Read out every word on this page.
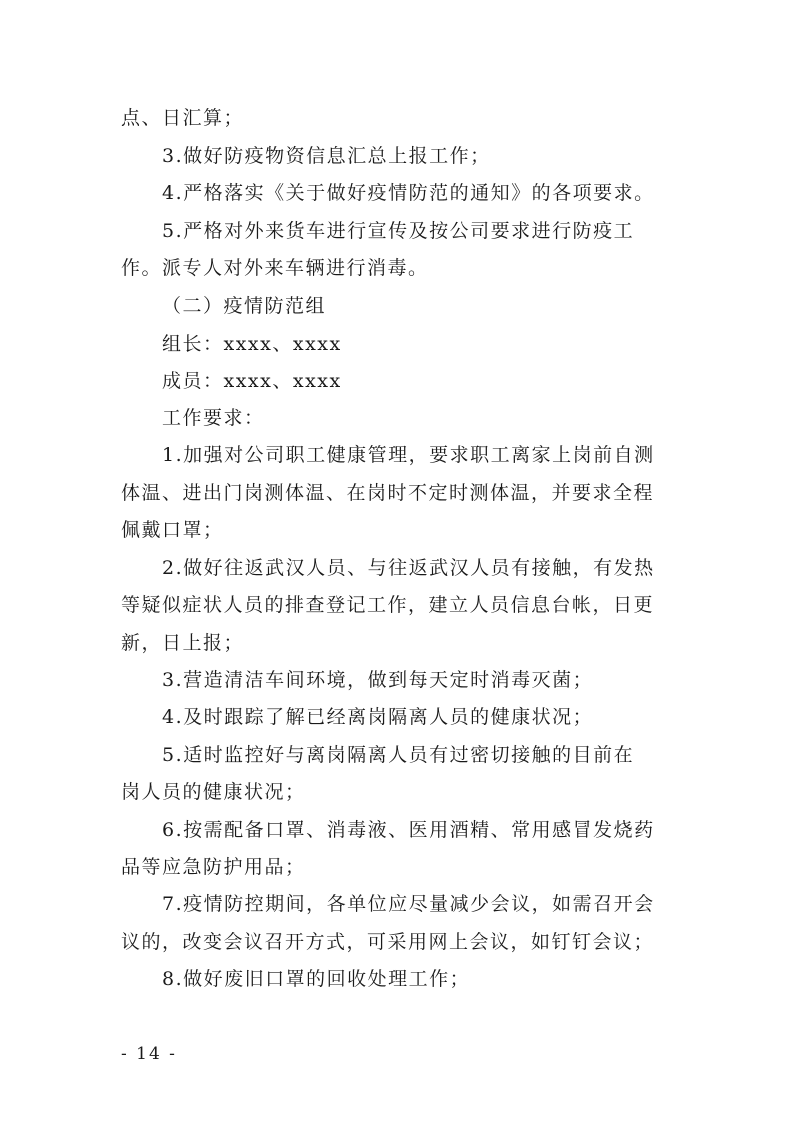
点、日汇算；
3.做好防疫物资信息汇总上报工作；
4.严格落实《关于做好疫情防范的通知》的各项要求。
5.严格对外来货车进行宣传及按公司要求进行防疫工
作。派专人对外来车辆进行消毒。
（二）疫情防范组
组长：xxxx、xxxx
成员：xxxx、xxxx
工作要求：
1.加强对公司职工健康管理，要求职工离家上岗前自测
体温、进出门岗测体温、在岗时不定时测体温，并要求全程
佩戴口罩；
2.做好往返武汉人员、与往返武汉人员有接触，有发热
等疑似症状人员的排查登记工作，建立人员信息台帐，日更
新，日上报；
3.营造清洁车间环境，做到每天定时消毒灭菌；
4.及时跟踪了解已经离岗隔离人员的健康状况；
5.适时监控好与离岗隔离人员有过密切接触的目前在
岗人员的健康状况；
6.按需配备口罩、消毒液、医用酒精、常用感冒发烧药
品等应急防护用品；
7.疫情防控期间，各单位应尽量减少会议，如需召开会
议的，改变会议召开方式，可采用网上会议，如钉钉会议；
8.做好废旧口罩的回收处理工作；
- 14 -
